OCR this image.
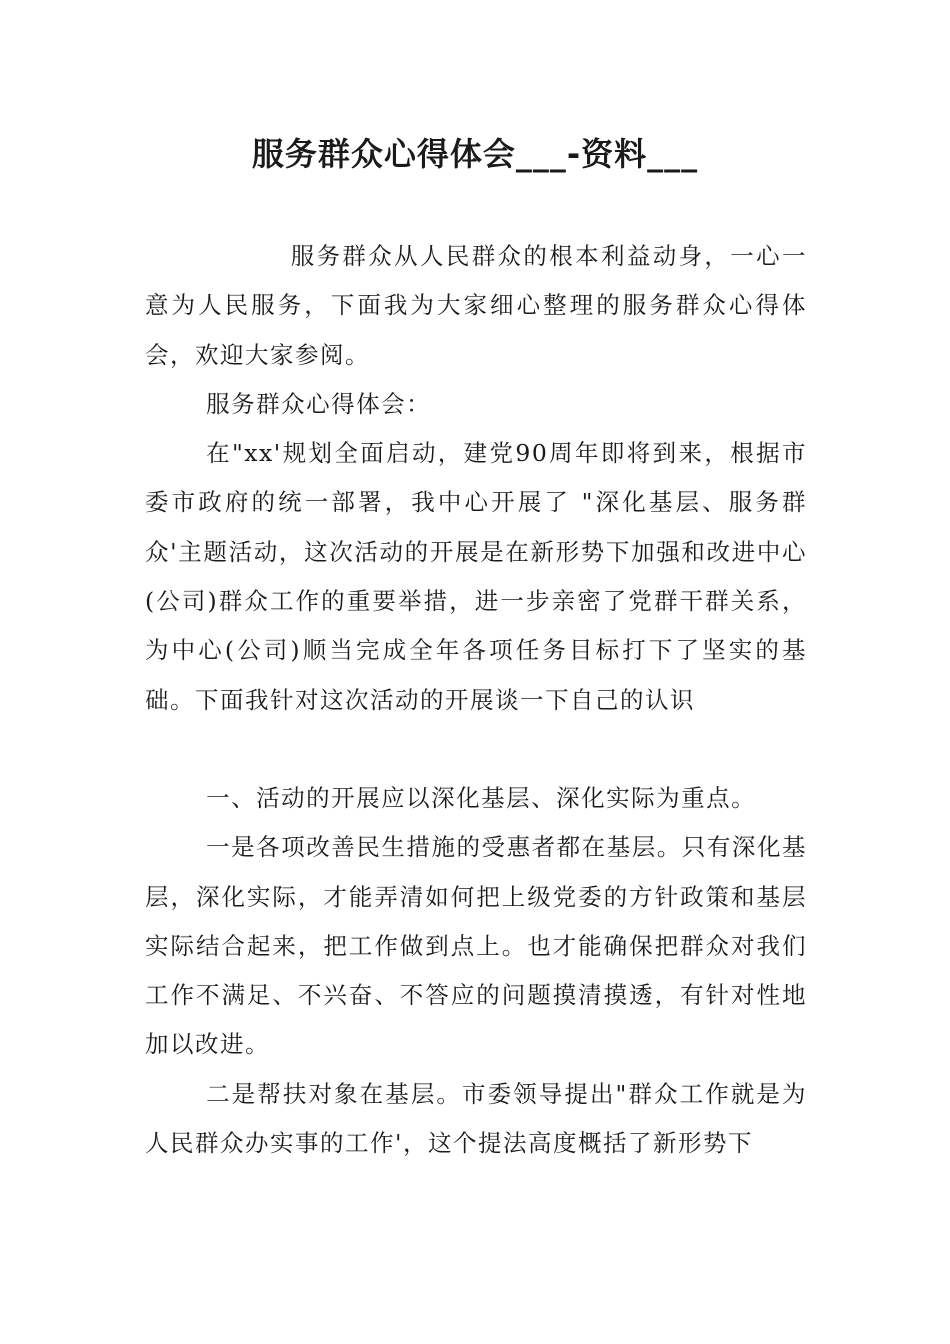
服务群众心得体会___-资料___

服务群众从人民群众的根本利益动身，一心一意为人民服务，下面我为大家细心整理的服务群众心得体会，欢迎大家参阅。

服务群众心得体会：

在"xx'规划全面启动，建党90周年即将到来，根据市委市政府的统一部署，我中心开展了 "深化基层、服务群众'主题活动，这次活动的开展是在新形势下加强和改进中心(公司)群众工作的重要举措，进一步亲密了党群干群关系，为中心(公司)顺当完成全年各项任务目标打下了坚实的基础。下面我针对这次活动的开展谈一下自己的认识

一、活动的开展应以深化基层、深化实际为重点。

一是各项改善民生措施的受惠者都在基层。只有深化基层，深化实际，才能弄清如何把上级党委的方针政策和基层实际结合起来，把工作做到点上。也才能确保把群众对我们工作不满足、不兴奋、不答应的问题摸清摸透，有针对性地加以改进。

二是帮扶对象在基层。市委领导提出"群众工作就是为人民群众办实事的工作'，这个提法高度概括了新形势下
